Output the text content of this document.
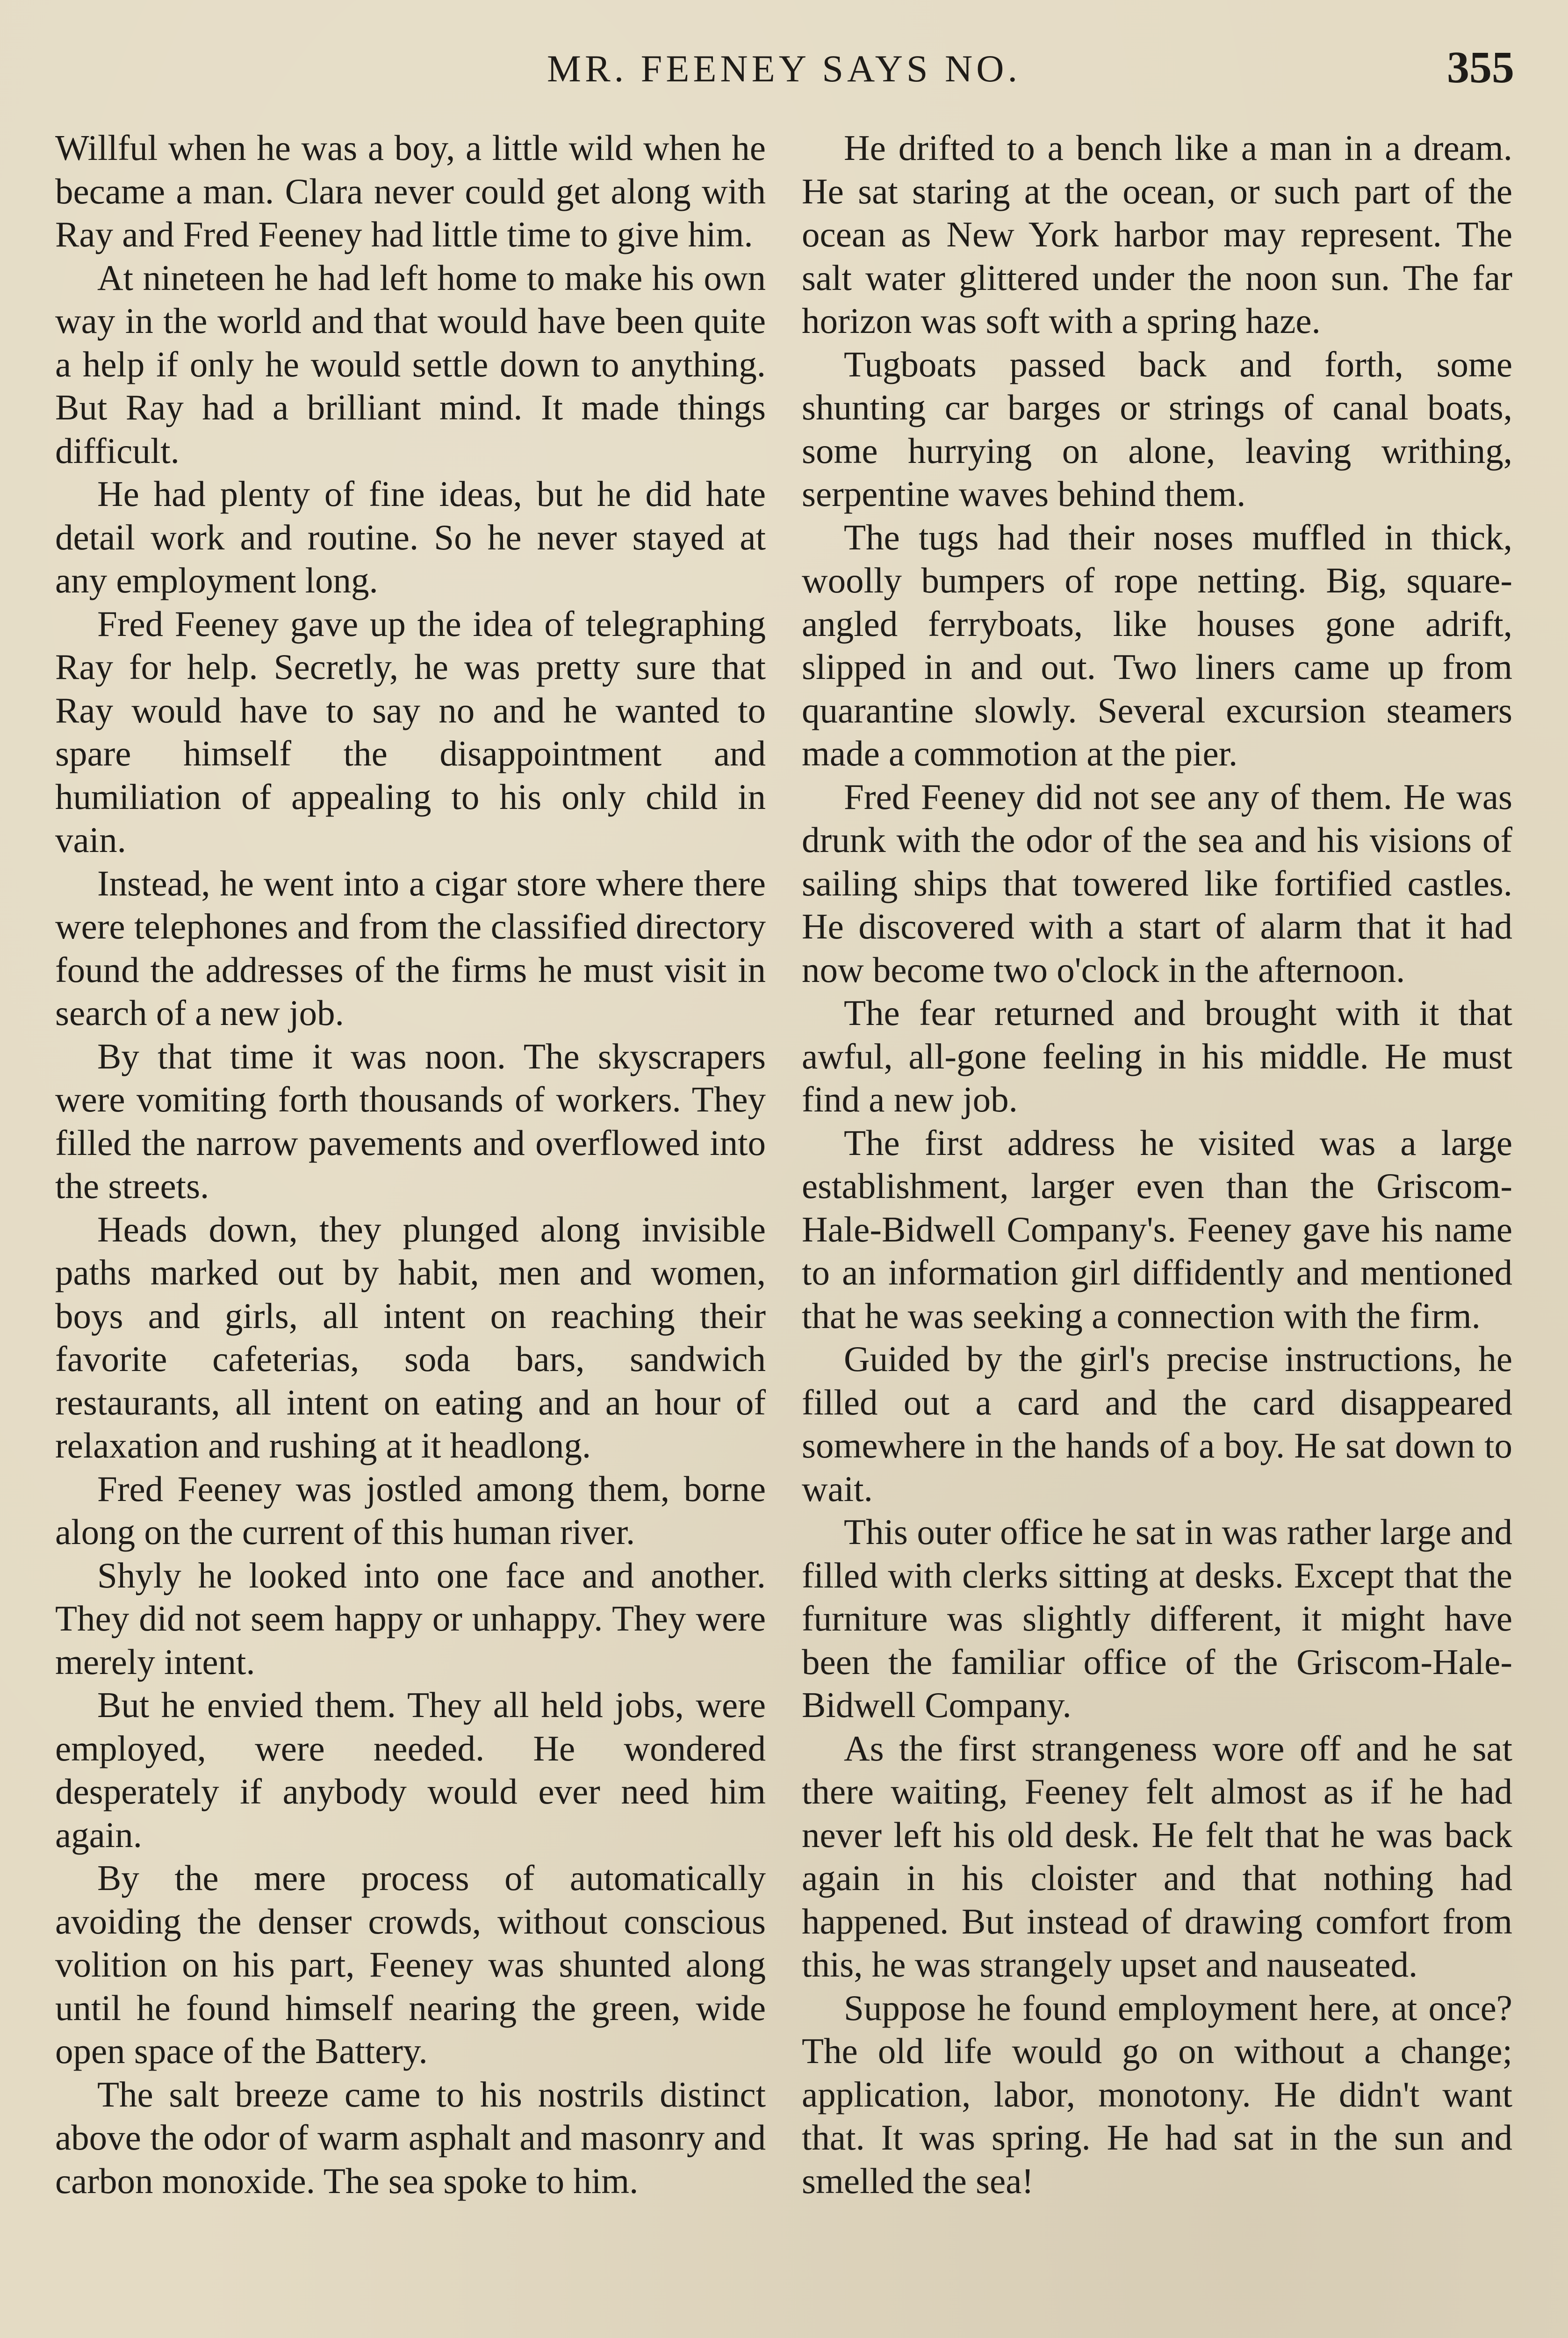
MR. FEENEY SAYS NO.	355

Willful when he was a boy, a little wild when he became a man. Clara never could get along with Ray and Fred Feeney had little time to give him.

At nineteen he had left home to make his own way in the world and that would have been quite a help if only he would settle down to anything. But Ray had a brilliant mind. It made things difficult.

He had plenty of fine ideas, but he did hate detail work and routine. So he never stayed at any employment long.

Fred Feeney gave up the idea of telegraphing Ray for help. Secretly, he was pretty sure that Ray would have to say no and he wanted to spare himself the disappointment and humiliation of appealing to his only child in vain.

Instead, he went into a cigar store where there were telephones and from the classified directory found the addresses of the firms he must visit in search of a new job.

By that time it was noon. The skyscrapers were vomiting forth thousands of workers. They filled the narrow pavements and overflowed into the streets.

Heads down, they plunged along invisible paths marked out by habit, men and women, boys and girls, all intent on reaching their favorite cafeterias, soda bars, sandwich restaurants, all intent on eating and an hour of relaxation and rushing at it headlong.

Fred Feeney was jostled among them, borne along on the current of this human river.

Shyly he looked into one face and another. They did not seem happy or unhappy. They were merely intent.

But he envied them. They all held jobs, were employed, were needed. He wondered desperately if anybody would ever need him again.

By the mere process of automatically avoiding the denser crowds, without conscious volition on his part, Feeney was shunted along until he found himself nearing the green, wide open space of the Battery.

The salt breeze came to his nostrils distinct above the odor of warm asphalt and masonry and carbon monoxide. The sea spoke to him.

He drifted to a bench like a man in a dream. He sat staring at the ocean, or such part of the ocean as New York harbor may represent. The salt water glittered under the noon sun. The far horizon was soft with a spring haze.

Tugboats passed back and forth, some shunting car barges or strings of canal boats, some hurrying on alone, leaving writhing, serpentine waves behind them.

The tugs had their noses muffled in thick, woolly bumpers of rope netting. Big, square-angled ferryboats, like houses gone adrift, slipped in and out. Two liners came up from quarantine slowly. Several excursion steamers made a commotion at the pier.

Fred Feeney did not see any of them. He was drunk with the odor of the sea and his visions of sailing ships that towered like fortified castles. He discovered with a start of alarm that it had now become two o'clock in the afternoon.

The fear returned and brought with it that awful, all-gone feeling in his middle. He must find a new job.

The first address he visited was a large establishment, larger even than the Griscom-Hale-Bidwell Company's. Feeney gave his name to an information girl diffidently and mentioned that he was seeking a connection with the firm.

Guided by the girl's precise instructions, he filled out a card and the card disappeared somewhere in the hands of a boy. He sat down to wait.

This outer office he sat in was rather large and filled with clerks sitting at desks. Except that the furniture was slightly different, it might have been the familiar office of the Griscom-Hale-Bidwell Company.

As the first strangeness wore off and he sat there waiting, Feeney felt almost as if he had never left his old desk. He felt that he was back again in his cloister and that nothing had happened. But instead of drawing comfort from this, he was strangely upset and nauseated.

Suppose he found employment here, at once? The old life would go on without a change; application, labor, monotony. He didn't want that. It was spring. He had sat in the sun and smelled the sea!
